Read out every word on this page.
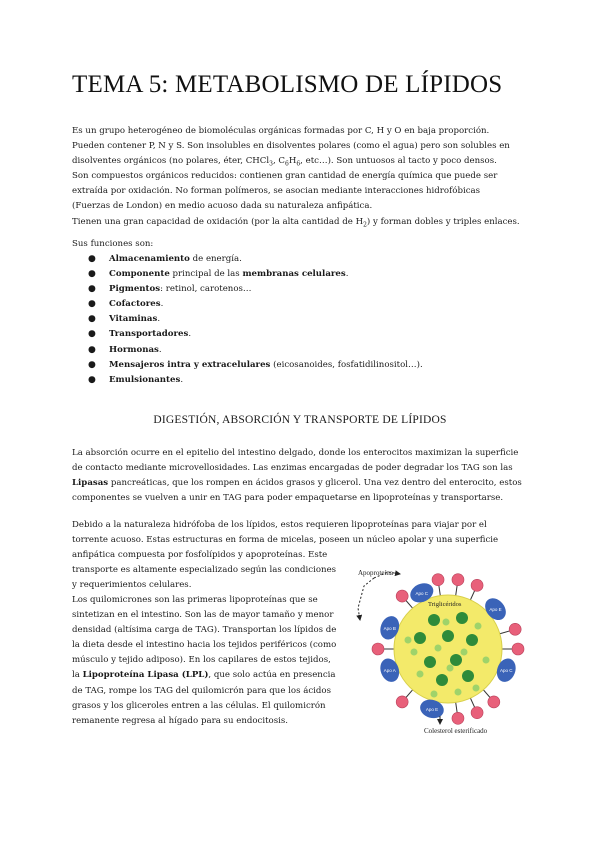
TEMA 5: METABOLISMO DE LÍPIDOS

Es un grupo heterogéneo de biomoléculas orgánicas formadas por C, H y O en baja proporción.
Pueden contener P, N y S. Son insolubles en disolventes polares (como el agua) pero son solubles en
disolventes orgánicos (no polares, éter, CHCl$_3$, $C_6H_6$, etc…). Son untuosos al tacto y poco densos.
Son compuestos orgánicos reducidos: contienen gran cantidad de energía química que puede ser
extraída por oxidación. No forman polímeros, se asocian mediante interacciones hidrofóbicas
(Fuerzas de London) en medio acuoso dada su naturaleza anfipática.
Tienen una gran capacidad de oxidación (por la alta cantidad de $H_2$) y forman dobles y triples enlaces.

Sus funciones son:

● Almacenamiento de energía.
● Componente principal de las membranas celulares.
● Pigmentos: retinol, carotenos…
● Cofactores.
● Vitaminas.
● Transportadores.
● Hormonas.
● Mensajeros intra y extracelulares (eicosanoides, fosfatidilinositol…).
● Emulsionantes.
DIGESTIÓN, ABSORCIÓN Y TRANSPORTE DE LÍPIDOS

La absorción ocurre en el epitelio del intestino delgado, donde los enterocitos maximizan la superficie
de contacto mediante microvellosidades. Las enzimas encargadas de poder degradar los TAG son las
Lipasas pancreáticas, que los rompen en ácidos grasos y glicerol. Una vez dentro del enterocito, estos
componentes se vuelven a unir en TAG para poder empaquetarse en lipoproteínas y transportarse.

Debido a la naturaleza hidrófoba de los lípidos, estos requieren lipoproteínas para viajar por el
torrente acuoso. Estas estructuras en forma de micelas, poseen un núcleo apolar y una superficie
anfipática compuesta por fosfolípidos y apoproteínas. Este
transporte es altamente especializado según las condiciones
y requerimientos celulares.

Los quilomicrones son las primeras lipoproteínas que se
sintetizan en el intestino. Son las de mayor tamaño y menor
densidad (altísima carga de TAG). Transportan los lípidos de
la dieta desde el intestino hacia los tejidos periféricos (como
músculo y tejido adiposo). En los capilares de estos tejidos,
la Lipoproteína Lipasa (LPL), que solo actúa en presencia
de TAG, rompe los TAG del quilomicrón para que los ácidos
grasos y los gliceroles entren a las células. El quilomicrón
remanente regresa al hígado para su endocitosis.

Apo B
Apo E
Apo C
Apo A
Apo C
Apo E
Apoproteína
Triglicéridos
Colesterol esterificado
